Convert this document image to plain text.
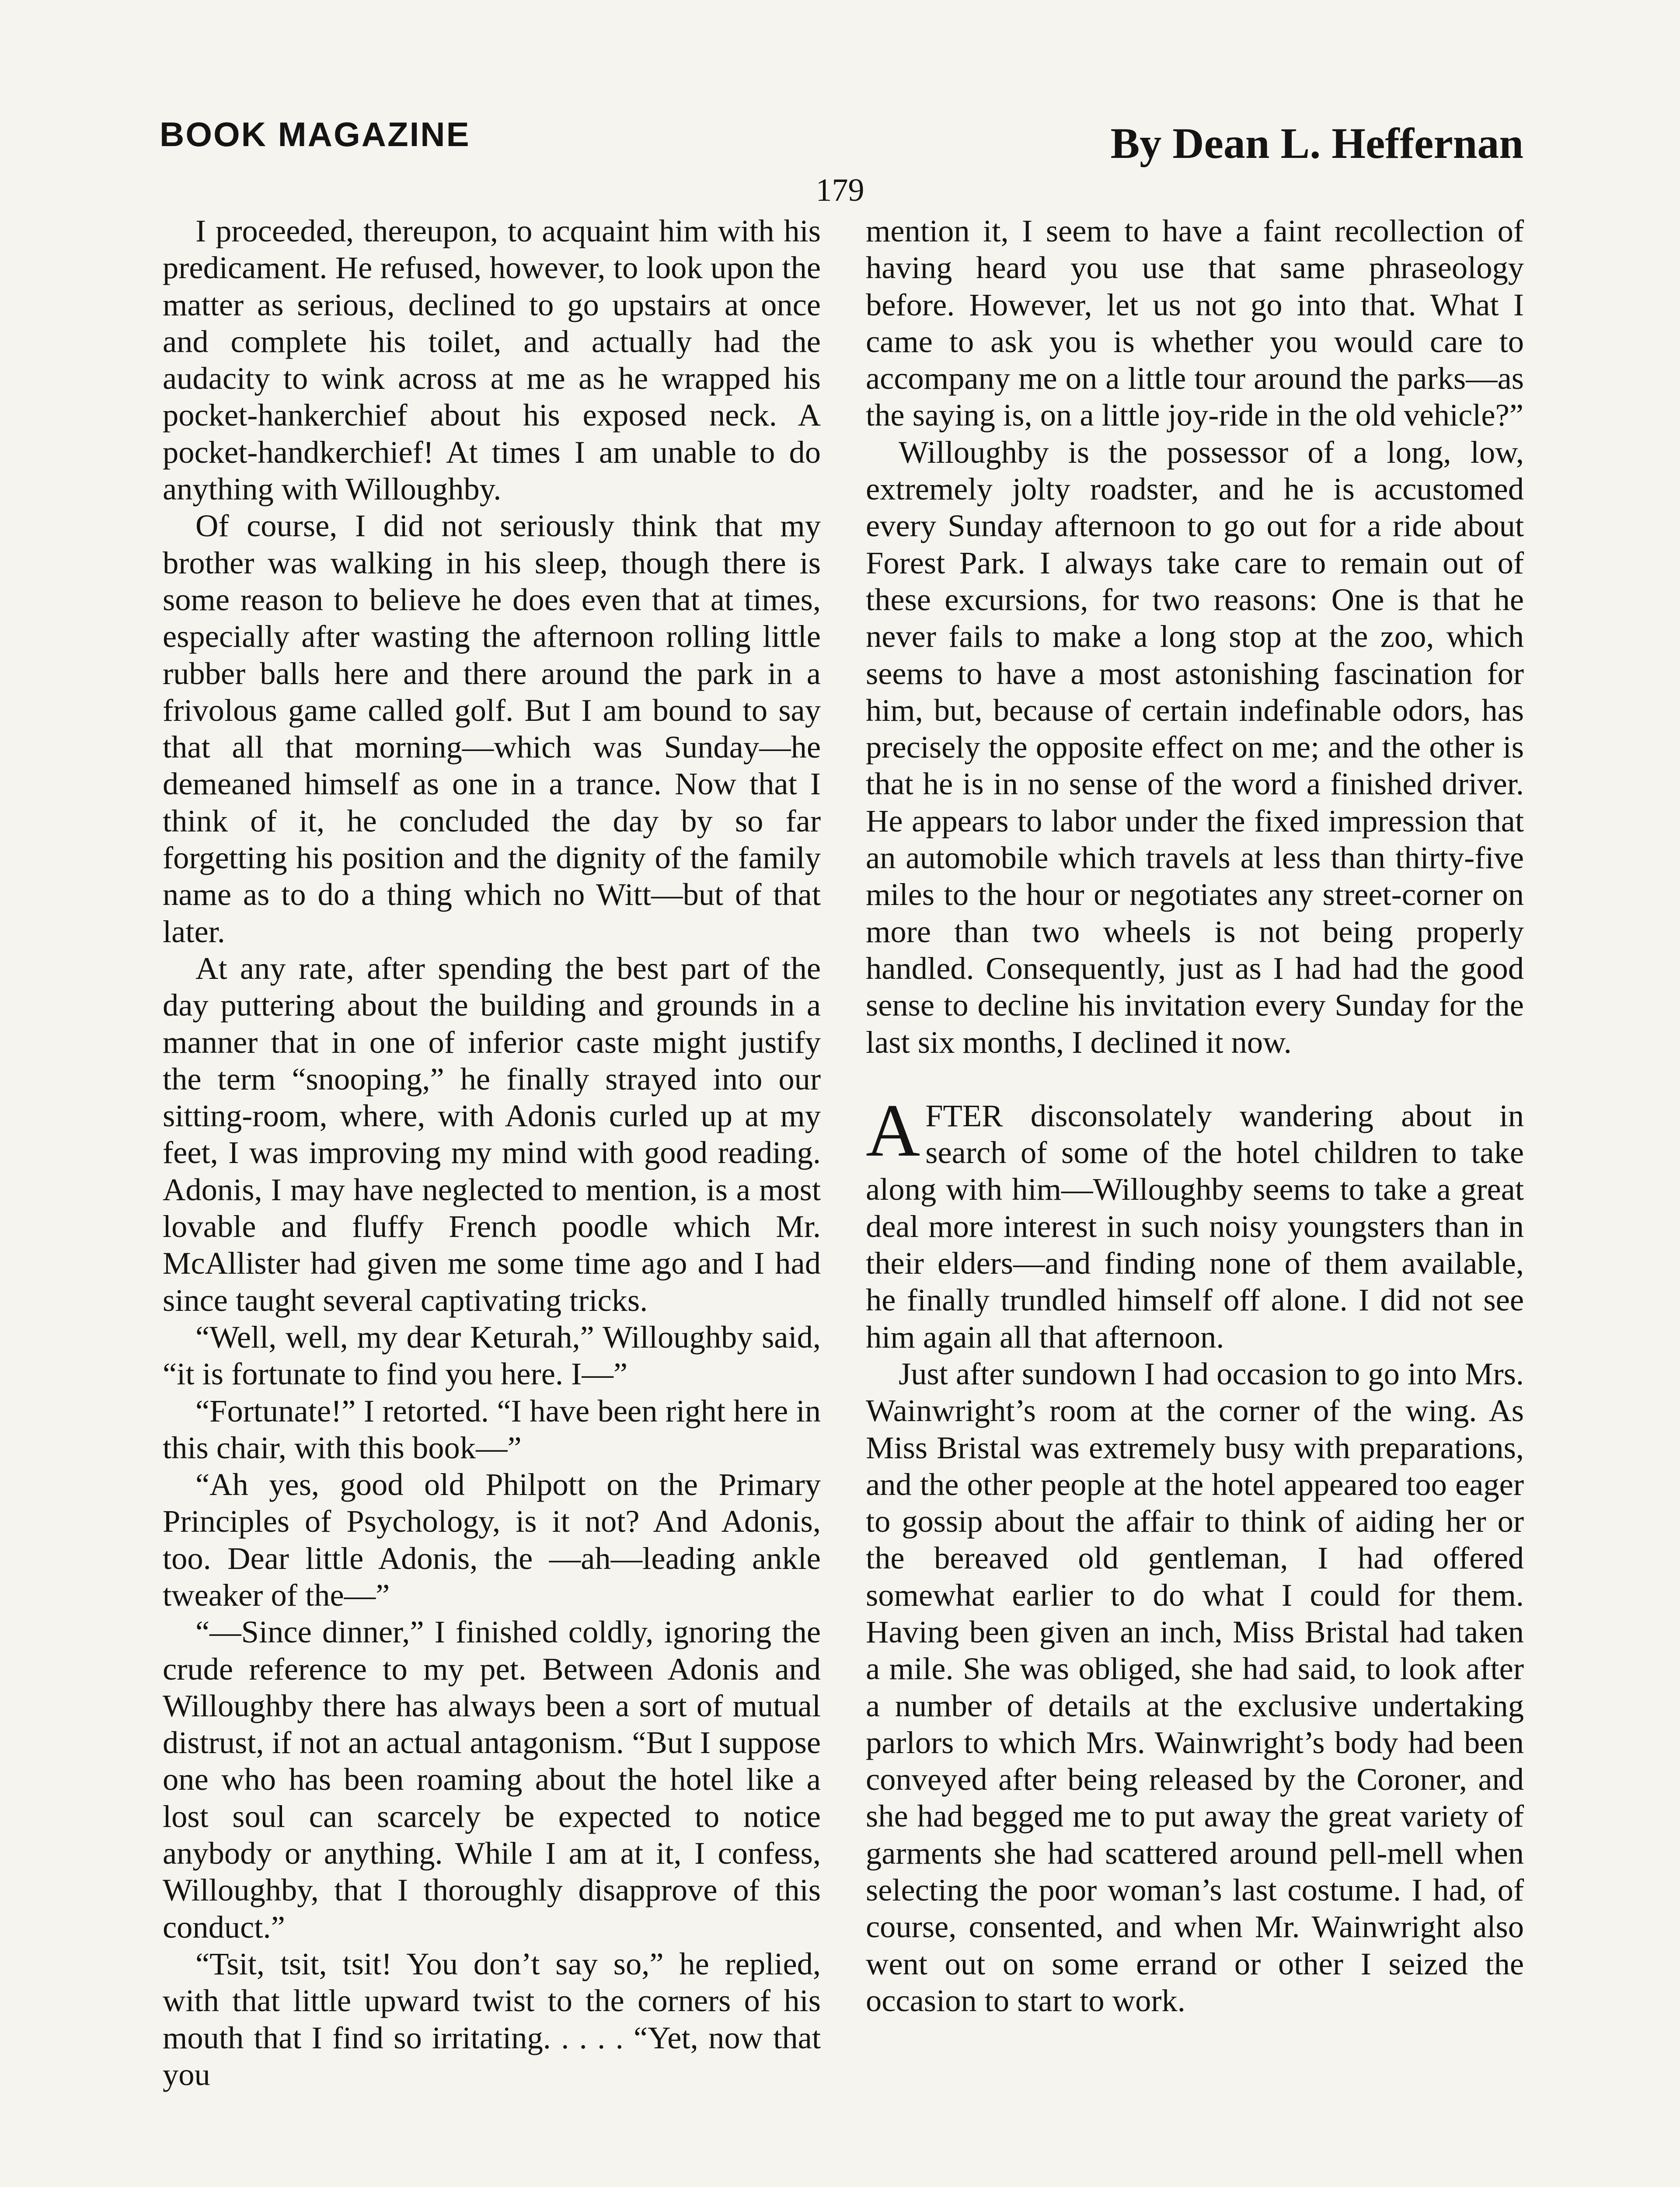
BOOK MAGAZINE	By Dean L. Heffernan
179

I proceeded, thereupon, to acquaint him with his predicament. He refused, however, to look upon the matter as serious, declined to go upstairs at once and complete his toilet, and actually had the audacity to wink across at me as he wrapped his pocket-hankerchief about his exposed neck. A pocket-handkerchief! At times I am unable to do anything with Willoughby.

Of course, I did not seriously think that my brother was walking in his sleep, though there is some reason to believe he does even that at times, especially after wasting the afternoon rolling little rubber balls here and there around the park in a frivolous game called golf. But I am bound to say that all that morning—which was Sunday—he demeaned himself as one in a trance. Now that I think of it, he concluded the day by so far forgetting his position and the dignity of the family name as to do a thing which no Witt—but of that later.

At any rate, after spending the best part of the day puttering about the building and grounds in a manner that in one of inferior caste might justify the term “snooping,” he finally strayed into our sitting-room, where, with Adonis curled up at my feet, I was improving my mind with good reading. Adonis, I may have neglected to mention, is a most lovable and fluffy French poodle which Mr. McAllister had given me some time ago and I had since taught several captivating tricks.

“Well, well, my dear Keturah,” Willoughby said, “it is fortunate to find you here. I—”

“Fortunate!” I retorted. “I have been right here in this chair, with this book—”

“Ah yes, good old Philpott on the Primary Principles of Psychology, is it not? And Adonis, too. Dear little Adonis, the —ah—leading ankle tweaker of the—”

“—Since dinner,” I finished coldly, ignoring the crude reference to my pet. Between Adonis and Willoughby there has always been a sort of mutual distrust, if not an actual antagonism. “But I suppose one who has been roaming about the hotel like a lost soul can scarcely be expected to notice anybody or anything. While I am at it, I confess, Willoughby, that I thoroughly disapprove of this conduct.”

“Tsit, tsit, tsit! You don’t say so,” he replied, with that little upward twist to the corners of his mouth that I find so irritating. . . . . “Yet, now that you

mention it, I seem to have a faint recollection of having heard you use that same phraseology before. However, let us not go into that. What I came to ask you is whether you would care to accompany me on a little tour around the parks—as the saying is, on a little joy-ride in the old vehicle?”

Willoughby is the possessor of a long, low, extremely jolty roadster, and he is accustomed every Sunday afternoon to go out for a ride about Forest Park. I always take care to remain out of these excursions, for two reasons: One is that he never fails to make a long stop at the zoo, which seems to have a most astonishing fascination for him, but, because of certain indefinable odors, has precisely the opposite effect on me; and the other is that he is in no sense of the word a finished driver. He appears to labor under the fixed impression that an automobile which travels at less than thirty-five miles to the hour or negotiates any street-corner on more than two wheels is not being properly handled. Consequently, just as I had had the good sense to decline his invitation every Sunday for the last six months, I declined it now.

AFTER disconsolately wandering about in search of some of the hotel children to take along with him—Willoughby seems to take a great deal more interest in such noisy youngsters than in their elders—and finding none of them available, he finally trundled himself off alone. I did not see him again all that afternoon.

Just after sundown I had occasion to go into Mrs. Wainwright’s room at the corner of the wing. As Miss Bristal was extremely busy with preparations, and the other people at the hotel appeared too eager to gossip about the affair to think of aiding her or the bereaved old gentleman, I had offered somewhat earlier to do what I could for them. Having been given an inch, Miss Bristal had taken a mile. She was obliged, she had said, to look after a number of details at the exclusive undertaking parlors to which Mrs. Wainwright’s body had been conveyed after being released by the Coroner, and she had begged me to put away the great variety of garments she had scattered around pell-mell when selecting the poor woman’s last costume. I had, of course, consented, and when Mr. Wainwright also went out on some errand or other I seized the occasion to start to work.
